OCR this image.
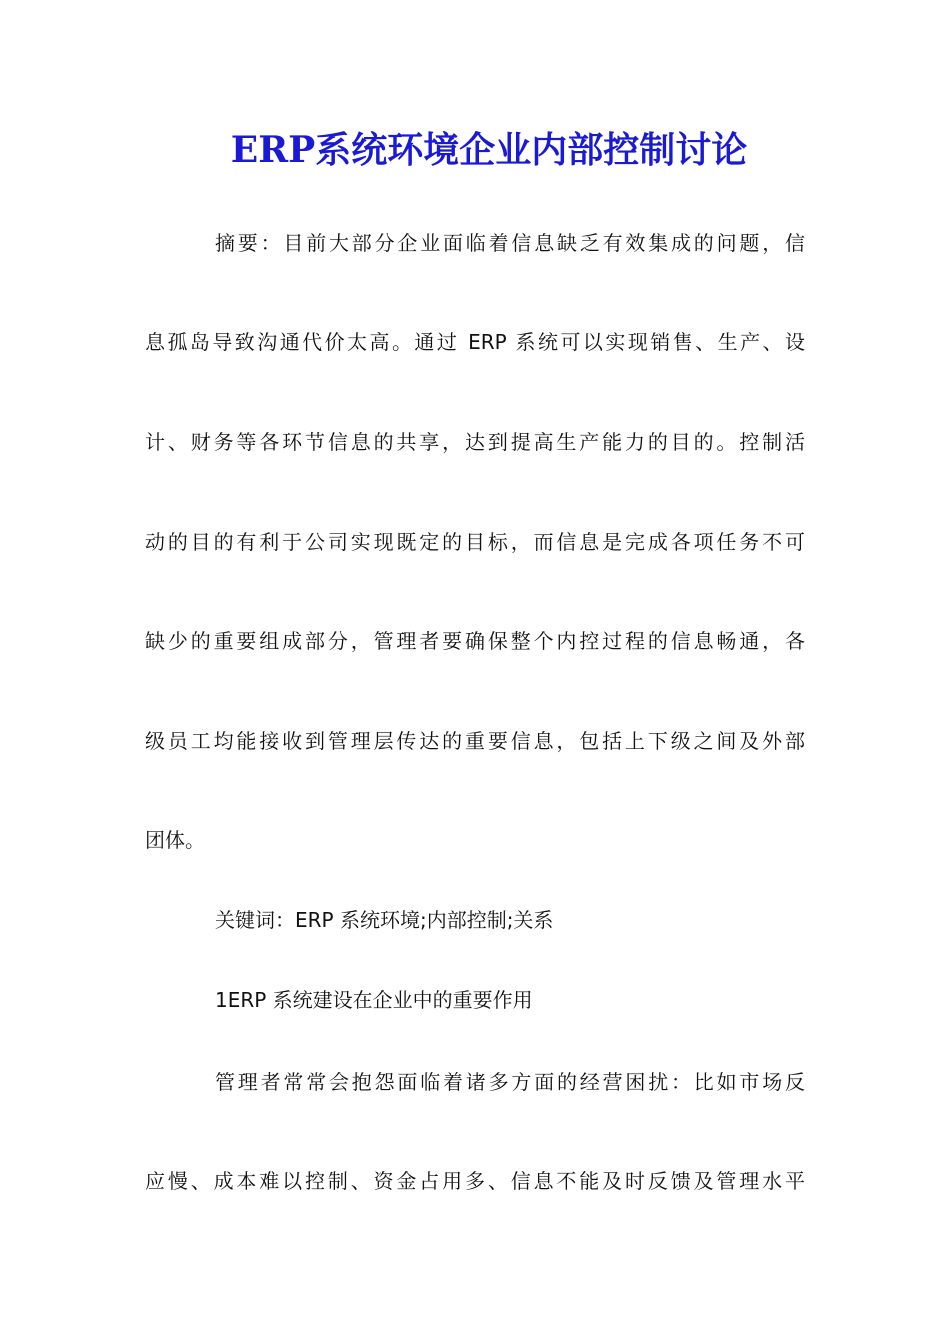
ERP系统环境企业内部控制讨论
摘要：目前大部分企业面临着信息缺乏有效集成的问题，信
息孤岛导致沟通代价太高。通过 ERP 系统可以实现销售、生产、设
计、财务等各环节信息的共享，达到提高生产能力的目的。控制活
动的目的有利于公司实现既定的目标，而信息是完成各项任务不可
缺少的重要组成部分，管理者要确保整个内控过程的信息畅通，各
级员工均能接收到管理层传达的重要信息，包括上下级之间及外部
团体。
关键词：ERP 系统环境;内部控制;关系
1ERP 系统建设在企业中的重要作用
管理者常常会抱怨面临着诸多方面的经营困扰：比如市场反
应慢、成本难以控制、资金占用多、信息不能及时反馈及管理水平
